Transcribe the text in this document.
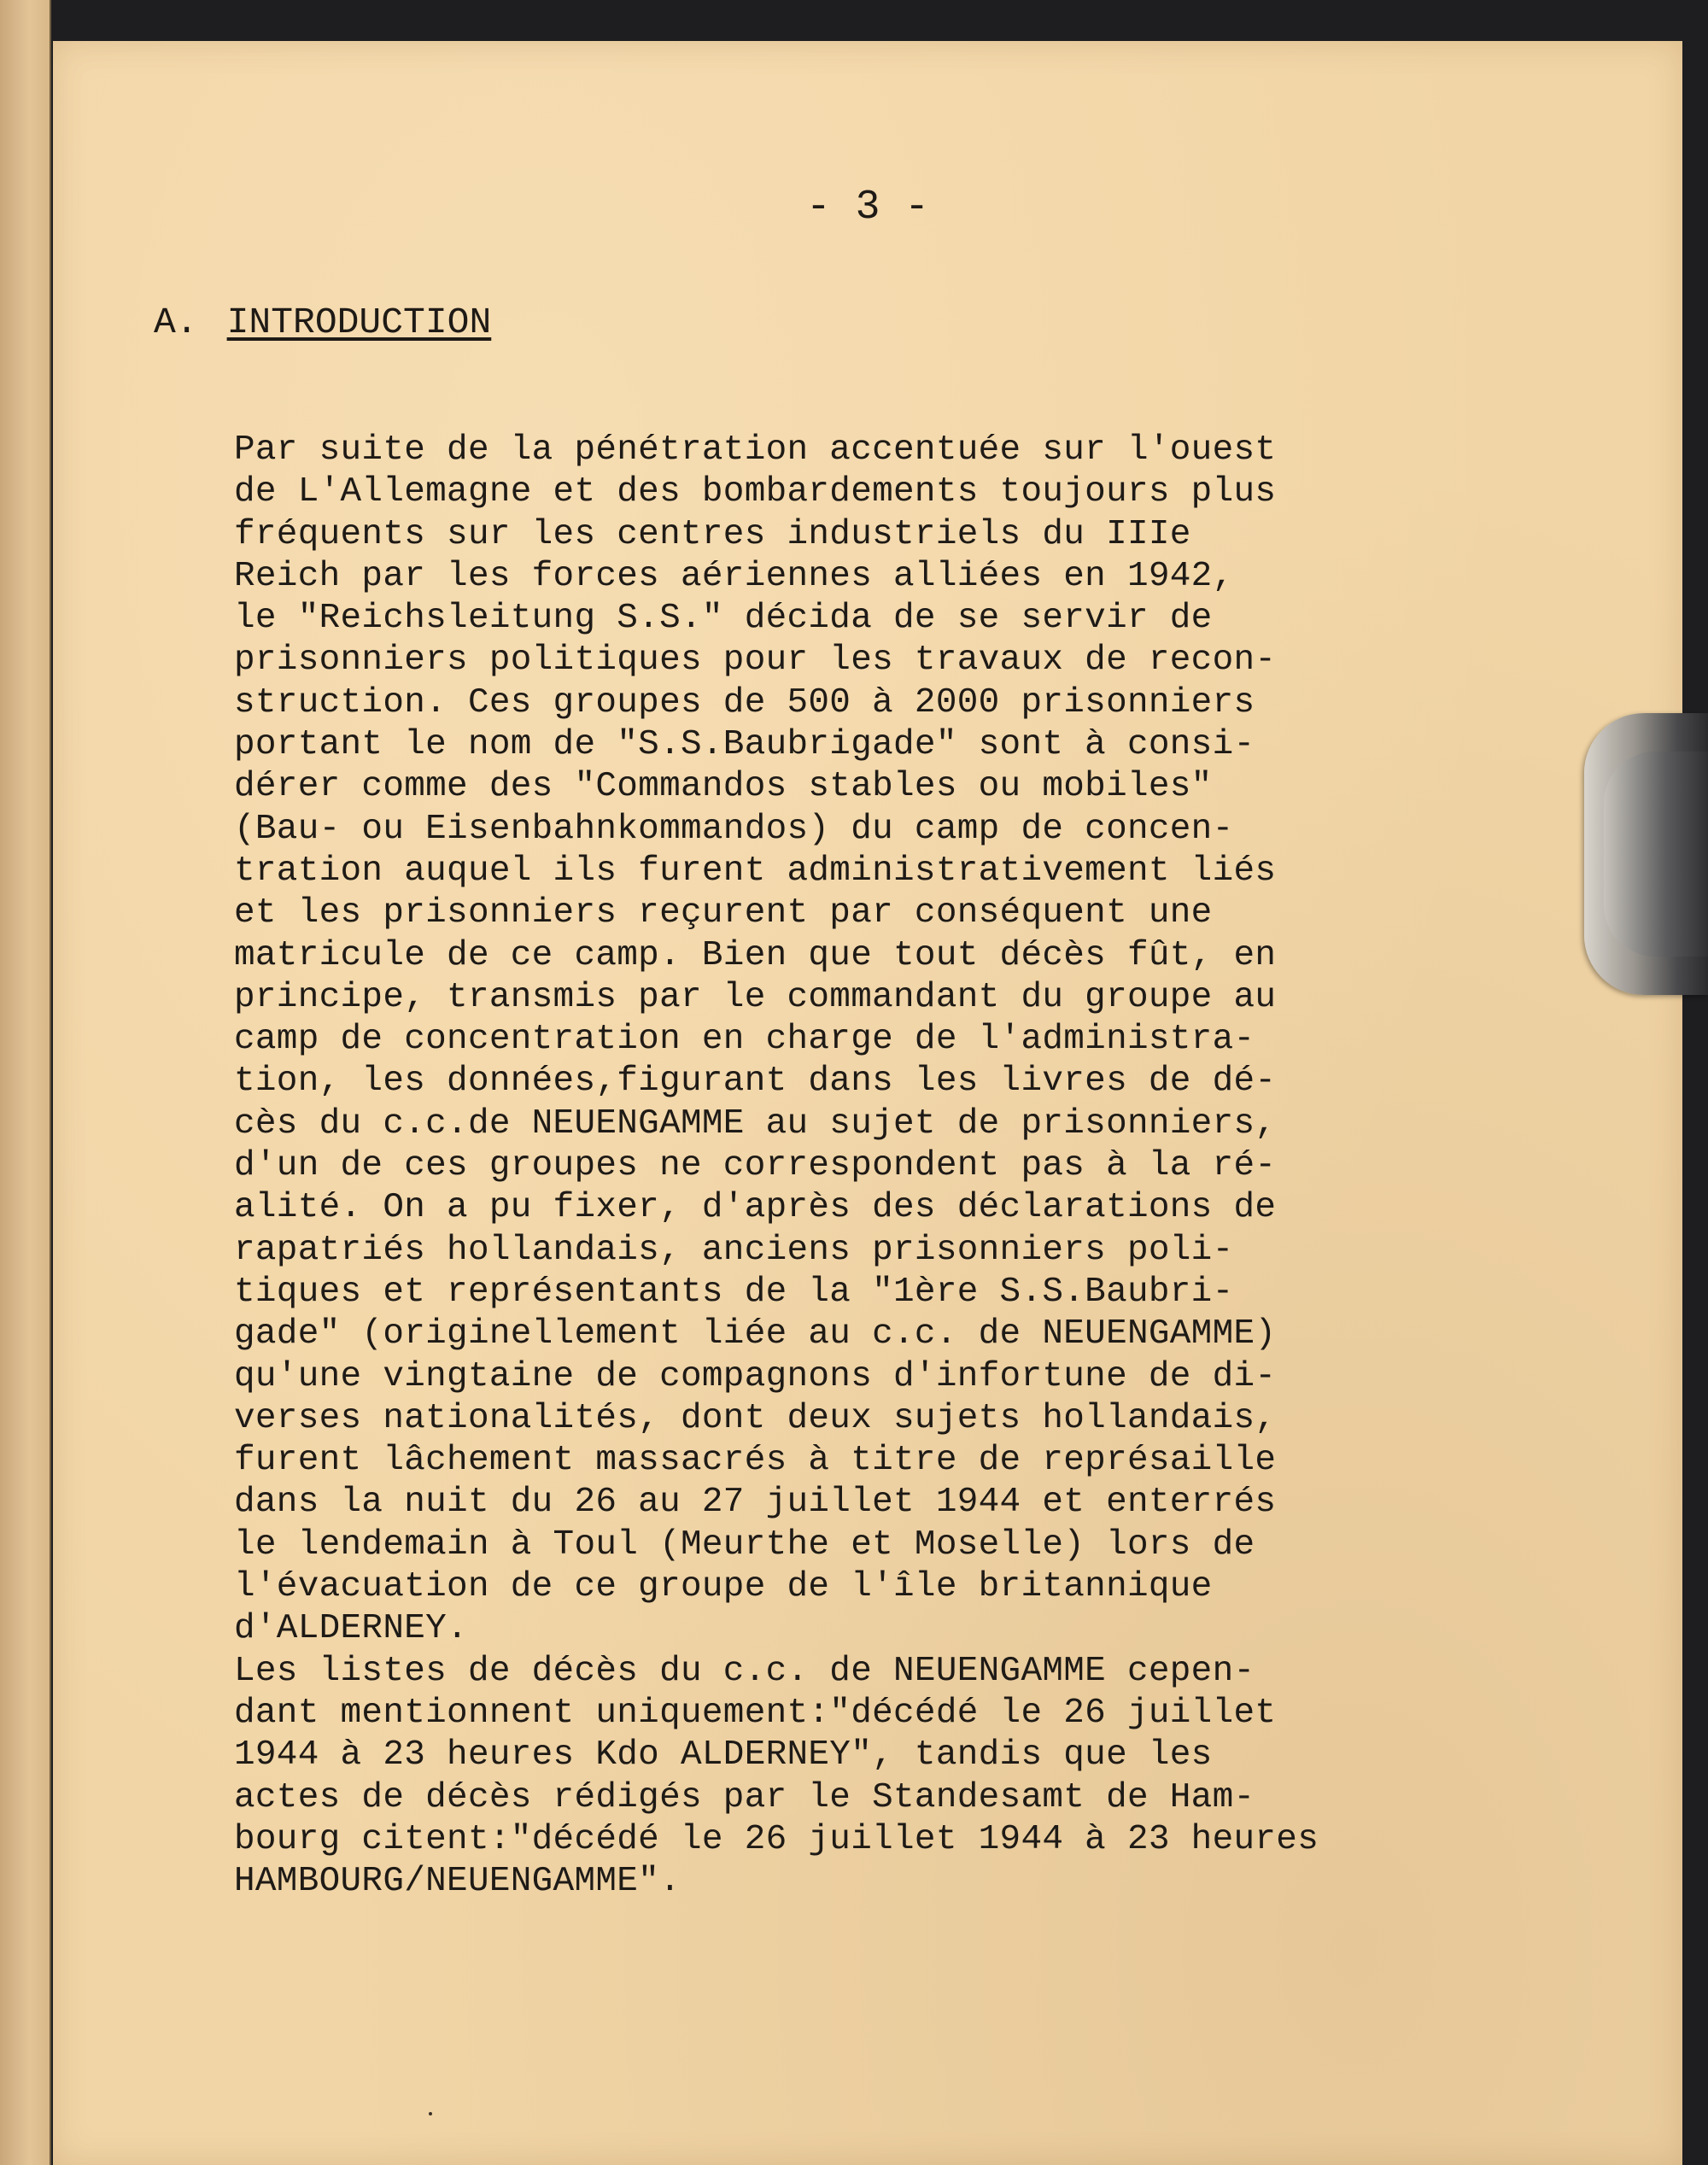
- 3 -
A. INTRODUCTION
Par suite de la pénétration accentuée sur l'ouest
de L'Allemagne et des bombardements toujours plus
fréquents sur les centres industriels du IIIe
Reich par les forces aériennes alliées en 1942,
le "Reichsleitung S.S." décida de se servir de
prisonniers politiques pour les travaux de recon-
struction. Ces groupes de 500 à 2000 prisonniers
portant le nom de "S.S.Baubrigade" sont à consi-
dérer comme des "Commandos stables ou mobiles"
(Bau- ou Eisenbahnkommandos) du camp de concen-
tration auquel ils furent administrativement liés
et les prisonniers reçurent par conséquent une
matricule de ce camp. Bien que tout décès fût, en
principe, transmis par le commandant du groupe au
camp de concentration en charge de l'administra-
tion, les données,figurant dans les livres de dé-
cès du c.c.de NEUENGAMME au sujet de prisonniers,
d'un de ces groupes ne correspondent pas à la ré-
alité. On a pu fixer, d'après des déclarations de
rapatriés hollandais, anciens prisonniers poli-
tiques et représentants de la "1ère S.S.Baubri-
gade" (originellement liée au c.c. de NEUENGAMME)
qu'une vingtaine de compagnons d'infortune de di-
verses nationalités, dont deux sujets hollandais,
furent lâchement massacrés à titre de représaille
dans la nuit du 26 au 27 juillet 1944 et enterrés
le lendemain à Toul (Meurthe et Moselle) lors de
l'évacuation de ce groupe de l'île britannique
d'ALDERNEY.
Les listes de décès du c.c. de NEUENGAMME cepen-
dant mentionnent uniquement:"décédé le 26 juillet
1944 à 23 heures Kdo ALDERNEY", tandis que les
actes de décès rédigés par le Standesamt de Ham-
bourg citent:"décédé le 26 juillet 1944 à 23 heures
HAMBOURG/NEUENGAMME".
